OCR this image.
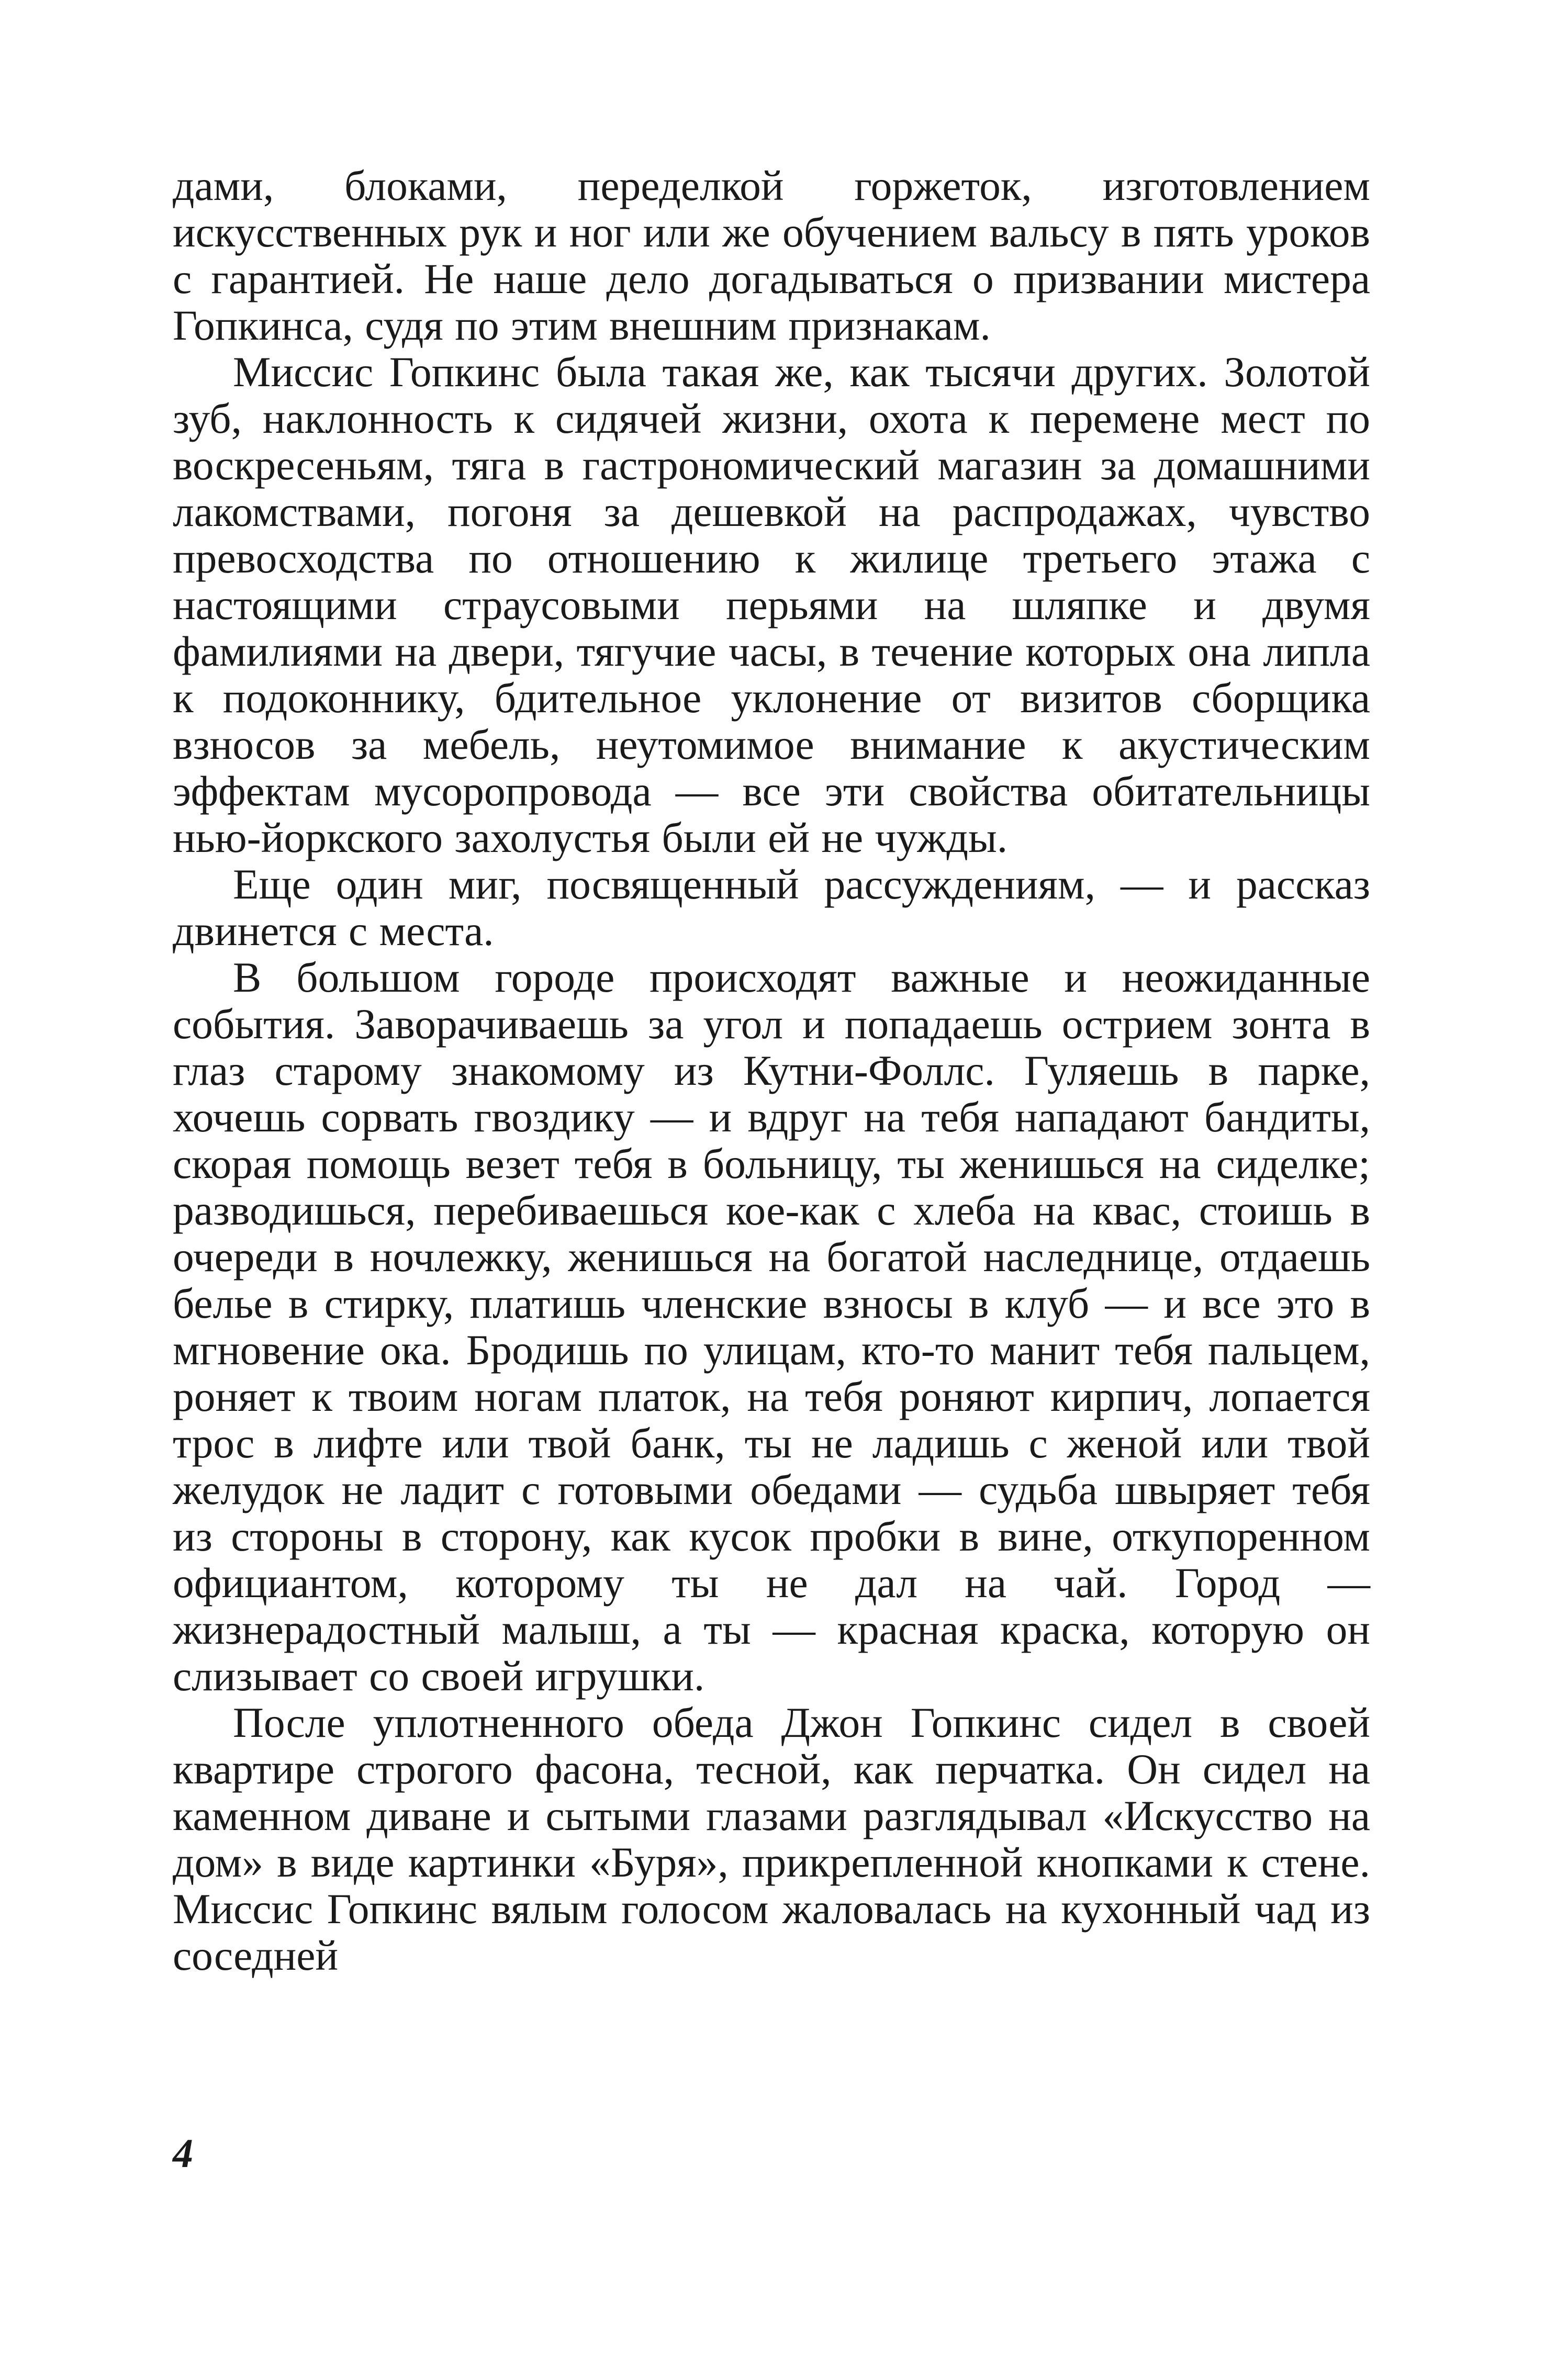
дами, блоками, переделкой горжеток, изготовлением искусственных рук и ног или же обучением вальсу в пять уроков с гарантией. Не наше дело догадываться о призвании мистера Гопкинса, судя по этим внешним признакам.

Миссис Гопкинс была такая же, как тысячи других. Золотой зуб, наклонность к сидячей жизни, охота к перемене мест по воскресеньям, тяга в гастрономический магазин за домашними лакомствами, погоня за дешевкой на распродажах, чувство превосходства по отношению к жилице третьего этажа с настоящими страусовыми перьями на шляпке и двумя фамилиями на двери, тягучие часы, в течение которых она липла к подоконнику, бдительное уклонение от визитов сборщика взносов за мебель, неутомимое внимание к акустическим эффектам мусоропровода — все эти свойства обитательницы нью-йоркского захолустья были ей не чужды.

Еще один миг, посвященный рассуждениям, — и рассказ двинется с места.

В большом городе происходят важные и неожиданные события. Заворачиваешь за угол и попадаешь острием зонта в глаз старому знакомому из Кутни-Фоллс. Гуляешь в парке, хочешь сорвать гвоздику — и вдруг на тебя нападают бандиты, скорая помощь везет тебя в больницу, ты женишься на сиделке; разводишься, перебиваешься кое-как с хлеба на квас, стоишь в очереди в ночлежку, женишься на богатой наследнице, отдаешь белье в стирку, платишь членские взносы в клуб — и все это в мгновение ока. Бродишь по улицам, кто-то манит тебя пальцем, роняет к твоим ногам платок, на тебя роняют кирпич, лопается трос в лифте или твой банк, ты не ладишь с женой или твой желудок не ладит с готовыми обедами — судьба швыряет тебя из стороны в сторону, как кусок пробки в вине, откупоренном официантом, которому ты не дал на чай. Город — жизнерадостный малыш, а ты — красная краска, которую он слизывает со своей игрушки.

После уплотненного обеда Джон Гопкинс сидел в своей квартире строгого фасона, тесной, как перчатка. Он сидел на каменном диване и сытыми глазами разглядывал «Искусство на дом» в виде картинки «Буря», прикрепленной кнопками к стене. Миссис Гопкинс вялым голосом жаловалась на кухонный чад из соседней

4
